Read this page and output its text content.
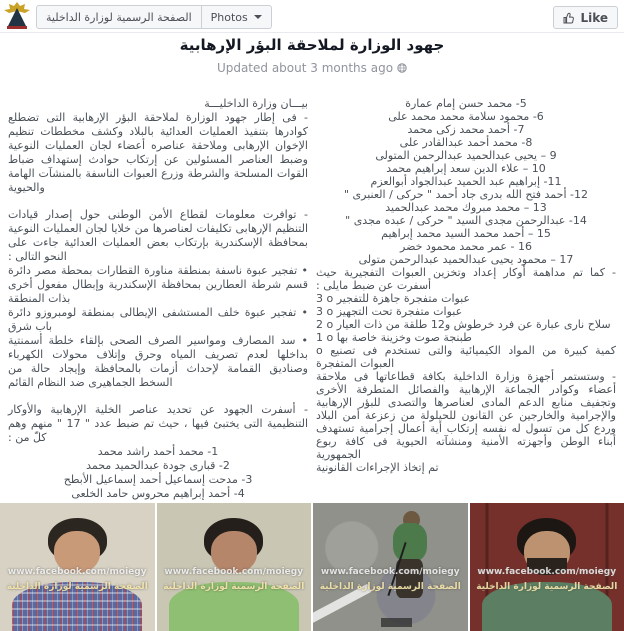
الصفحة الرسمية لوزارة الداخلية	Photos	Like
جهود الوزارة لملاحقة البؤر الإرهابية
Updated about 3 months ago
بيـــان وزارة الداخليـــة
- فى إطار جهود الوزارة لملاحقة البؤر الإرهابية التى تضطلع كوادرها بتنفيذ العمليات العدائية بالبلاد وكشف مخططات تنظيم الإخوان الإرهابى وملاحقة عناصره أعضاء لجان العمليات النوعية وضبط العناصر المسئولين عن إرتكاب حوادث إستهداف ضباط القوات المسلحة والشرطة وزرع العبوات الناسفة بالمنشآت الهامة والحيوية
- توافرت معلومات لقطاع الأمن الوطنى حول إصدار قيادات التنظيم الإرهابى تكليفات لعناصرها من خلايا لجان العمليات النوعية بمحافظة الإسكندرية بإرتكاب بعض العمليات العدائية جاءت على النحو التالى :
• تفجير عبوة ناسفة بمنطقة مناورة القطارات بمحطة مصر دائرة قسم شرطة العطارين بمحافظة الإسكندرية وإبطال مفعول أخرى بذات المنطقة
• تفجير عبوة خلف المستشفى الإيطالى بمنطقة لومبروزو دائرة باب شرق
• سد المصارف ومواسير الصرف الصحى بإلقاء خلطة أسمنتية بداخلها لعدم تصريف المياه وحرق وإتلاف محولات الكهرباء وصناديق القمامة لإحداث أزمات بالمحافظة وإيجاد حالة من السخط الجماهيرى ضد النظام القائم
- أسفرت الجهود عن تحديد عناصر الخلية الإرهابية والأوكار التنظيمية التى يختبئ فيها ، حيث تم ضبط عدد " 17 " منهم وهم كلّ من :
1- محمد أحمد راشد محمد
2- قبارى جودة عبدالحميد محمد
3- مدحت إسماعيل أحمد إسماعيل الأبطح
4- أحمد إبراهيم محروس حامد الخلعى
5- محمد حسن إمام عمارة
6- محمود سلامة محمد محمد على
7- أحمد محمد زكى محمد
8- محمد أحمد عبدالقادر على
9 – يحيى عبدالحميد عبدالرحمن المتولى
10 – علاء الدين سعد إبراهيم محمد
11- إبراهيم عبد الحميد عبدالجواد أبوالعزم
12- أحمد فتح الله بدرى جاد أحمد " حركى / العنبرى "
13 – محمد مبروك محمد عبدالحميد
14- عبدالرحمن مجدى السيد " حركى / عبده مجدى "
15 – أحمد محمد السيد محمد إبراهيم
16 - عمر محمد محمود خضر
17 – محمود يحيى عبدالحميد عبدالرحمن متولى
- كما تم مداهمة أوكار إعداد وتخزين العبوات التفجيرية حيث أسفرت عن ضبط مايلى :
3 o عبوات متفجرة جاهزة للتفجير
3 o عبوات متفجرة تحت التجهيز
2 o سلاح نارى عبارة عن فرد خرطوش و12 طلقة من ذات العيار
1 o طبنجة صوت وخزينة خاصة بها
o كمية كبيرة من المواد الكيميائية والتى تستخدم فى تصنيع العبوات المتفجرة
- وستستمر أجهزة وزارة الداخلية بكافة قطاعاتها فى ملاحقة أعضاء وكوادر الجماعة الإرهابية والفصائل المتطرفة الأخرى وتجفيف منابع الدعم المادى لعناصرها والتصدى للبؤر الإرهابية والإجرامية والخارجين عن القانون للحيلولة من زعزعة أمن البلاد وردع كل من تسول له نفسه إرتكاب أية أعمال إجرامية تستهدف أبناء الوطن وأجهزته الأمنية ومنشآته الحيوية فى كافة ربوع الجمهورية
تم إتخاذ الإجراءات القانونية
www.facebook.com/moiegy
الصفحة الرسمية لوزارة الداخلية
www.facebook.com/moiegy
الصفحة الرسمية لوزارة الداخلية
www.facebook.com/moiegy
الصفحة الرسمية لوزارة الداخلية
www.facebook.com/moiegy
الصفحة الرسمية لوزارة الداخلية
